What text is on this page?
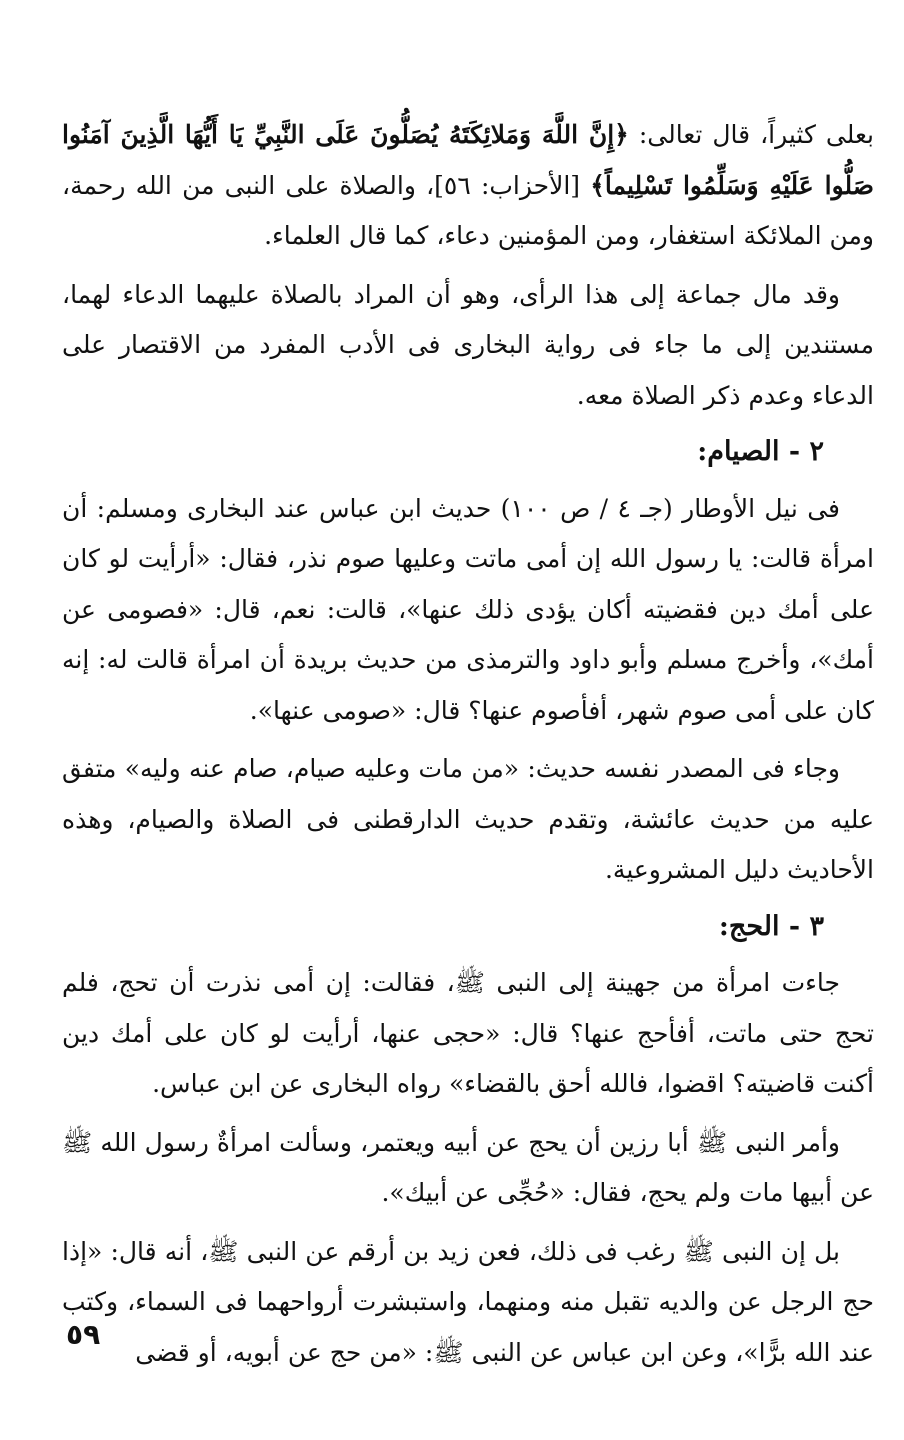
بعلى كثيراً، قال تعالى: ﴿إِنَّ اللَّهَ وَمَلائِكَتَهُ يُصَلُّونَ عَلَى النَّبِيِّ يَا أَيُّهَا الَّذِينَ آمَنُوا صَلُّوا عَلَيْهِ وَسَلِّمُوا تَسْلِيماً﴾ [الأحزاب: ٥٦]، والصلاة على النبى من الله رحمة، ومن الملائكة استغفار، ومن المؤمنين دعاء، كما قال العلماء.

وقد مال جماعة إلى هذا الرأى، وهو أن المراد بالصلاة عليهما الدعاء لهما، مستندين إلى ما جاء فى رواية البخارى فى الأدب المفرد من الاقتصار على الدعاء وعدم ذكر الصلاة معه.

٢ - الصيام:

فى نيل الأوطار (جـ ٤ / ص ١٠٠) حديث ابن عباس عند البخارى ومسلم: أن امرأة قالت: يا رسول الله إن أمى ماتت وعليها صوم نذر، فقال: «أرأيت لو كان على أمك دين فقضيته أكان يؤدى ذلك عنها»، قالت: نعم، قال: «فصومى عن أمك»، وأخرج مسلم وأبو داود والترمذى من حديث بريدة أن امرأة قالت له: إنه كان على أمى صوم شهر، أفأصوم عنها؟ قال: «صومى عنها».

وجاء فى المصدر نفسه حديث: «من مات وعليه صيام، صام عنه وليه» متفق عليه من حديث عائشة، وتقدم حديث الدارقطنى فى الصلاة والصيام، وهذه الأحاديث دليل المشروعية.

٣ - الحج:

جاءت امرأة من جهينة إلى النبى ﷺ، فقالت: إن أمى نذرت أن تحج، فلم تحج حتى ماتت، أفأحج عنها؟ قال: «حجى عنها، أرأيت لو كان على أمك دين أكنت قاضيته؟ اقضوا، فالله أحق بالقضاء» رواه البخارى عن ابن عباس.

وأمر النبى ﷺ أبا رزين أن يحج عن أبيه ويعتمر، وسألت امرأةٌ رسول الله ﷺ عن أبيها مات ولم يحج، فقال: «حُجِّى عن أبيك».

بل إن النبى ﷺ رغب فى ذلك، فعن زيد بن أرقم عن النبى ﷺ، أنه قال: «إذا حج الرجل عن والديه تقبل منه ومنهما، واستبشرت أرواحهما فى السماء، وكتب عند الله برًّا»، وعن ابن عباس عن النبى ﷺ: «من حج عن أبويه، أو قضى

٥٩
